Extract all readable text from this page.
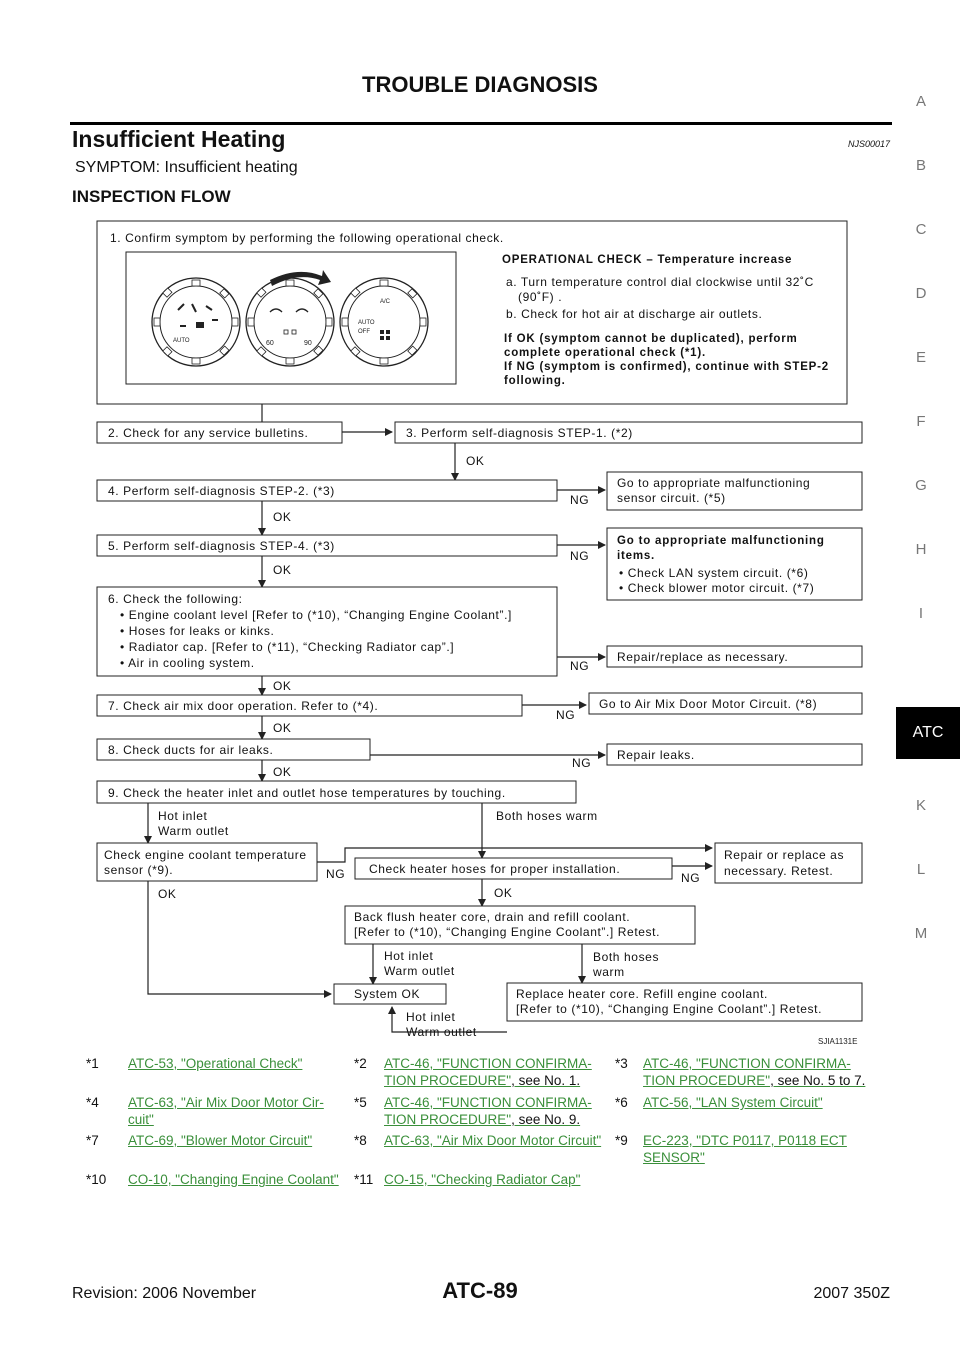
TROUBLE DIAGNOSIS
Insufficient Heating	NJS00017
SYMPTOM: Insufficient heating
INSPECTION FLOW
A
B
C
D
E
F
G
H
I
ATC
K
L
M
1. Confirm symptom by performing the following operational check.
AUTO	60	90
A/C
AUTO
OFF
OPERATIONAL CHECK – Temperature increase
a. Turn temperature control dial clockwise until 32˚C
(90˚F) .
b. Check for hot air at discharge air outlets.
If OK (symptom cannot be duplicated), perform
complete operational check (*1).
If NG (symptom is confirmed), continue with STEP-2
following.
2. Check for any service bulletins.	3. Perform self-diagnosis STEP-1. (*2)
OK
4. Perform self-diagnosis STEP-2. (*3)
NG
Go to appropriate malfunctioning
sensor circuit. (*5)
OK
5. Perform self-diagnosis STEP-4. (*3)
NG
Go to appropriate malfunctioning
items.
• Check LAN system circuit. (*6)
• Check blower motor circuit. (*7)
OK
6. Check the following:
• Engine coolant level [Refer to (*10), “Changing Engine Coolant”.]
• Hoses for leaks or kinks.
• Radiator cap. [Refer to (*11), “Checking Radiator cap”.]
• Air in cooling system.	NG
Repair/replace as necessary.
OK
7. Check air mix door operation. Refer to (*4).
NG
Go to Air Mix Door Motor Circuit. (*8)
OK
8. Check ducts for air leaks.
NG
Repair leaks.
OK
9. Check the heater inlet and outlet hose temperatures by touching.
Hot inlet
Warm outlet
Both hoses warm
Check engine coolant temperature
sensor (*9).	NG Check heater hoses for proper installation.
NG
Repair or replace as
necessary. Retest.
OK
OK
Back flush heater core, drain and refill coolant.
[Refer to (*10), “Changing Engine Coolant”.] Retest.
Hot inlet
Warm outlet
Both hoses
warm
System OK	Replace heater core. Refill engine coolant.
[Refer to (*10), “Changing Engine Coolant”.] Retest.
Hot inlet
Warm outlet
SJIA1131E
*1 ATC-53, "Operational Check"	*2 ATC-46, "FUNCTION CONFIRMA-
TION PROCEDURE", see No. 1.
*3 ATC-46, "FUNCTION CONFIRMA-
TION PROCEDURE", see No. 5 to 7.
*4 ATC-63, "Air Mix Door Motor Cir-
cuit"
*5 ATC-46, "FUNCTION CONFIRMA-
TION PROCEDURE", see No. 9.
*6 ATC-56, "LAN System Circuit"
*7 ATC-69, "Blower Motor Circuit"	*8 ATC-63, "Air Mix Door Motor Circuit" *9 EC-223, "DTC P0117, P0118 ECT
SENSOR"
*10 CO-10, "Changing Engine Coolant" *11 CO-15, "Checking Radiator Cap"
Revision: 2006 November	ATC-89	2007 350Z
